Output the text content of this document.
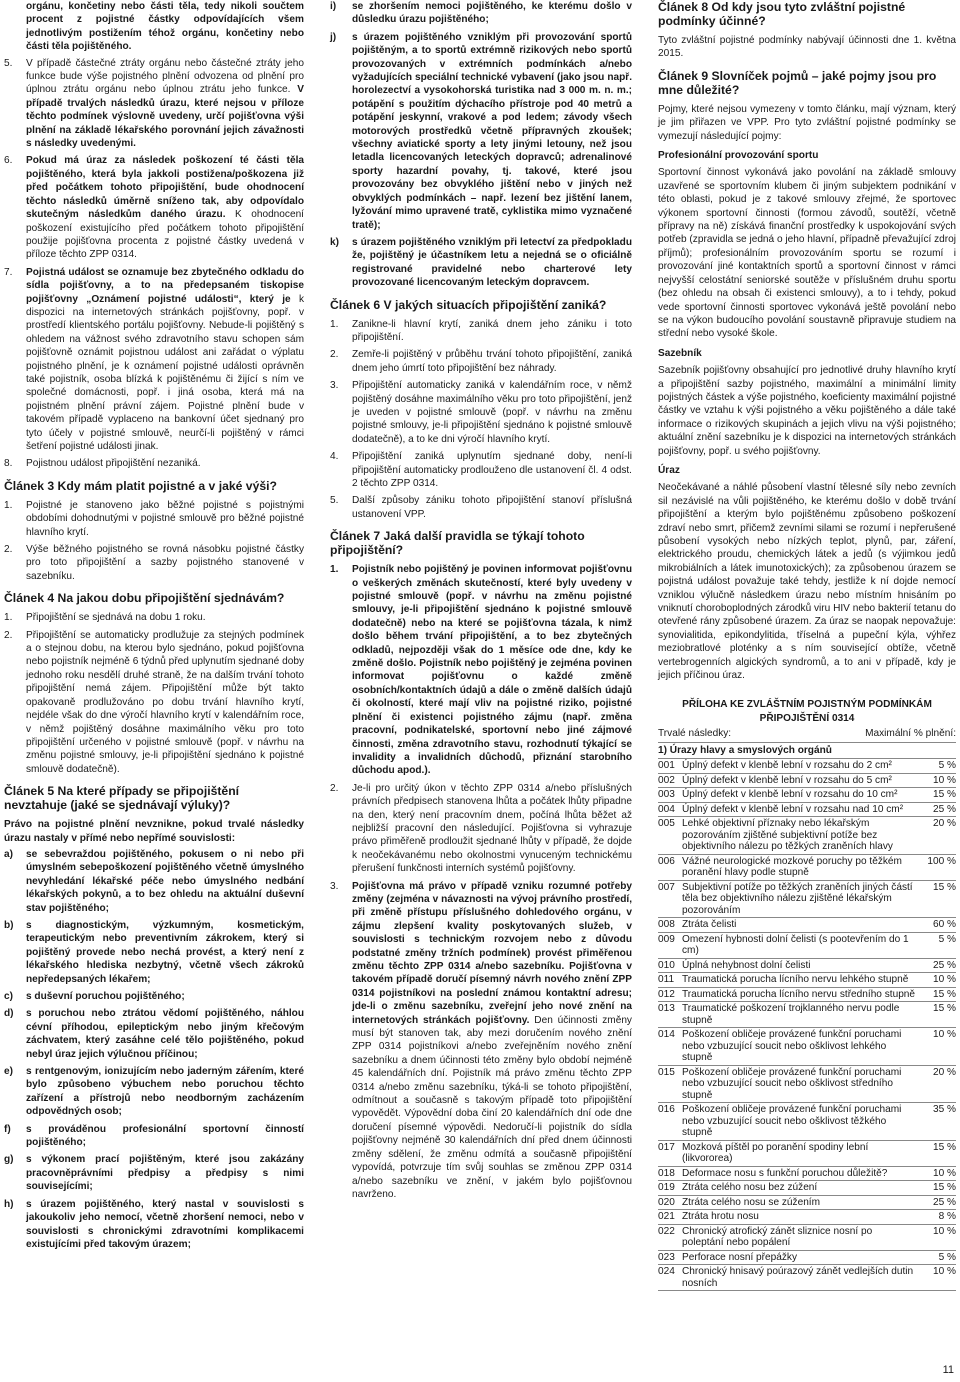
orgánu, končetiny nebo části těla, tedy nikoli součtem procent z pojistné částky odpovídajících všem jednotlivým postižením téhož orgánu, končetiny nebo části těla pojištěného.

5. V případě částečné ztráty orgánu nebo částečné ztráty jeho funkce bude výše pojistného plnění odvozena od plnění pro úplnou ztrátu orgánu nebo úplnou ztrátu jeho funkce. V případě trvalých následků úrazu, které nejsou v příloze těchto podmínek výslovně uvedeny, určí pojišťovna výši plnění na základě lékařského porovnání jejich závažnosti s následky uvedenými.
6. Pokud má úraz za následek poškození té části těla pojištěného, která byla jakkoli postižena/poškozena již před počátkem tohoto připojištění, bude ohodnocení těchto následků úměrně sníženo tak, aby odpovídalo skutečným následkům daného úrazu. K ohodnocení poškození existujícího před počátkem tohoto připojištění použije pojišťovna procenta z pojistné částky uvedená v příloze těchto ZPP 0314.
7. Pojistná událost se oznamuje bez zbytečného odkladu do sídla pojišťovny, a to na předepsaném tiskopise pojišťovny „Oznámení pojistné události“, který je k dispozici na internetových stránkách pojišťovny, popř. v prostředí klientského portálu pojišťovny. Nebude-li pojištěný s ohledem na vážnost svého zdravotního stavu schopen sám pojišťovně oznámit pojistnou událost ani zařádat o výplatu pojistného plnění, je k oznámení pojistné události oprávněn také pojistník, osoba blízká k pojištěnému či žijící s ním ve společné domácnosti, popř. i jiná osoba, která má na pojistném plnění právní zájem. Pojistné plnění bude v takovém případě vyplaceno na bankovní účet sjednaný pro tyto účely v pojistné smlouvě, neurčí-li pojištěný v rámci šetření pojistné události jinak.
8. Pojistnou událost připojištění nezaniká.
Článek 3 Kdy mám platit pojistné a v jaké výši?
1. Pojistné je stanoveno jako běžné pojistné s pojistnými obdobími dohodnutými v pojistné smlouvě pro běžné pojistné hlavního krytí.
2. Výše běžného pojistného se rovná násobku pojistné částky pro toto připojištění a sazby pojistného stanovené v sazebníku.
Článek 4 Na jakou dobu připojištění sjednávám?
1. Připojištění se sjednává na dobu 1 roku.
2. Připojištění se automaticky prodlužuje za stejných podmínek a o stejnou dobu, na kterou bylo sjednáno, pokud pojišťovna nebo pojistník nejméně 6 týdnů před uplynutím sjednané doby jednoho roku nesdělí druhé straně, že na dalším trvání tohoto připojištění nemá zájem. Připojištění může být takto opakovaně prodlužováno po dobu trvání hlavního krytí, nejdéle však do dne výročí hlavního krytí v kalendářním roce, v němž pojištěný dosáhne maximálního věku pro toto připojištění určeného v pojistné smlouvě (popř. v návrhu na změnu pojistné smlouvy, je-li připojištění sjednáno k pojistné smlouvě dodatečně).
Článek 5 Na které případy se připojištění nevztahuje (jaké se sjednávají výluky)?

Právo na pojistné plnění nevznikne, pokud trvalé následky úrazu nastaly v přímé nebo nepřímé souvislosti:

a) se sebevraždou pojištěného, pokusem o ni nebo při úmyslném sebepoškození pojištěného včetně úmyslného nevyhledání lékařské péče nebo úmyslného nedbání lékařských pokynů, a to bez ohledu na aktuální duševní stav pojištěného;
b) s diagnostickým, výzkumným, kosmetickým, terapeutickým nebo preventivním zákrokem, který si pojištěný provede nebo nechá provést, a který není z lékařského hlediska nezbytný, včetně všech zákroků nepředepsaných lékařem;
c) s duševní poruchou pojištěného;
d) s poruchou nebo ztrátou vědomí pojištěného, náhlou cévní příhodou, epileptickým nebo jiným křečovým záchvatem, který zasáhne celé tělo pojištěného, pokud nebyl úraz jejich výlučnou příčinou;
e) s rentgenovým, ionizujícím nebo jaderným zářením, které bylo způsobeno výbuchem nebo poruchou těchto zařízení a přístrojů nebo neodborným zacházením odpovědných osob;
f) s prováděnou profesionální sportovní činností pojištěného;
g) s výkonem prací pojištěným, které jsou zakázány pracovněprávními předpisy a předpisy s nimi souvisejícími;
h) s úrazem pojištěného, který nastal v souvislosti s jakoukoliv jeho nemocí, včetně zhoršení nemoci, nebo v souvislosti s chronickými zdravotními komplikacemi existujícími před takovým úrazem;
i) se zhoršením nemoci pojištěného, ke kterému došlo v důsledku úrazu pojištěného;
j) s úrazem pojištěného vzniklým při provozování sportů pojištěným, a to sportů extrémně rizikových nebo sportů provozovaných v extrémních podmínkách a/nebo vyžadujících speciální technické vybavení (jako jsou např. horolezectví a vysokohorská turistika nad 3 000 m. n. m.; potápění s použitím dýchacího přístroje pod 40 metrů a potápění jeskynní, vrakové a pod ledem; závody všech motorových prostředků včetně přípravných zkoušek; všechny aviatické sporty a lety jinými letouny, než jsou letadla licencovaných leteckých dopravců; adrenalinové sporty hazardní povahy, tj. takové, které jsou provozovány bez obvyklého jištění nebo v jiných než obvyklých podmínkách – např. lezení bez jištění lanem, lyžování mimo upravené tratě, cyklistika mimo vyznačené tratě);
k) s úrazem pojištěného vzniklým při letectví za předpokladu že, pojištěný je účastníkem letu a nejedná se o oficiálně registrované pravidelné nebo charterové lety provozované licencovaným leteckým dopravcem.
Článek 6 V jakých situacích připojištění zaniká?
1. Zanikne-li hlavní krytí, zaniká dnem jeho zániku i toto připojištění.
2. Zemře-li pojištěný v průběhu trvání tohoto připojištění, zaniká dnem jeho úmrtí toto připojištění bez náhrady.
3. Připojištění automaticky zaniká v kalendářním roce, v němž pojištěný dosáhne maximálního věku pro toto připojištění, jenž je uveden v pojistné smlouvě (popř. v návrhu na změnu pojistné smlouvy, je-li připojištění sjednáno k pojistné smlouvě dodatečně), a to ke dni výročí hlavního krytí.
4. Připojištění zaniká uplynutím sjednané doby, není-li připojištění automaticky prodlouženo dle ustanovení čl. 4 odst. 2 těchto ZPP 0314.
5. Další způsoby zániku tohoto připojištění stanoví příslušná ustanovení VPP.
Článek 7 Jaká další pravidla se týkají tohoto připojištění?
1. Pojistník nebo pojištěný je povinen informovat pojišťovnu o veškerých změnách skutečností, které byly uvedeny v pojistné smlouvě (popř. v návrhu na změnu pojistné smlouvy, je-li připojištění sjednáno k pojistné smlouvě dodatečně) nebo na které se pojišťovna tázala, k nimž došlo během trvání připojištění, a to bez zbytečných odkladů, nejpozději však do 1 měsíce ode dne, kdy ke změně došlo. Pojistník nebo pojištěný je zejména povinen informovat pojišťovnu o každé změně osobních/kontaktních údajů a dále o změně dalších údajů či okolností, které mají vliv na pojistné riziko, pojistné plnění či existenci pojistného zájmu (např. změna pracovní, podnikatelské, sportovní nebo jiné zájmové činnosti, změna zdravotního stavu, rozhodnutí týkající se invalidity a invalidních důchodů, přiznání starobního důchodu apod.).
2. Je-li pro určitý úkon v těchto ZPP 0314 a/nebo příslušných právních předpisech stanovena lhůta a počátek lhůty připadne na den, který není pracovním dnem, počíná lhůta běžet až nejbližší pracovní den následující. Pojišťovna si vyhrazuje právo přiměřeně prodloužit sjednané lhůty v případě, že dojde k neočekávanému nebo okolnostmi vynuceným technickému přerušení funkčnosti interních systémů pojišťovny.
3. Pojišťovna má právo v případě vzniku rozumné potřeby změny (zejména v návaznosti na vývoj právního prostředí, při změně přístupu příslušného dohledového orgánu, v zájmu zlepšení kvality poskytovaných služeb, v souvislosti s technickým rozvojem nebo z důvodu podstatné změny tržních podmínek) provést přiměřenou změnu těchto ZPP 0314 a/nebo sazebníku. Pojišťovna v takovém případě doručí písemný návrh nového znění ZPP 0314 pojistníkovi na poslední známou kontaktní adresu; jde-li o změnu sazebníku, zveřejní jeho nové znění na internetových stránkách pojišťovny. Den účinnosti změny musí být stanoven tak, aby mezi doručením nového znění ZPP 0314 pojistníkovi a/nebo zveřejněním nového znění sazebníku a dnem účinnosti této změny bylo období nejméně 45 kalendářních dní. Pojistník má právo změnu těchto ZPP 0314 a/nebo změnu sazebníku, týká-li se tohoto připojištění, odmítnout a současně s takovým případě toto připojištění vypovědět. Výpovědní doba činí 20 kalendářních dní ode dne doručení písemné výpovědi. Nedoručí-li pojistník do sídla pojišťovny nejméně 30 kalendářních dní před dnem účinnosti změny sdělení, že změnu odmítá a současně připojištění vypovídá, potvrzuje tím svůj souhlas se změnou ZPP 0314 a/nebo sazebníku ve znění, v jakém bylo pojišťovnou navrženo.
Článek 8 Od kdy jsou tyto zvláštní pojistné podmínky účinné?

Tyto zvláštní pojistné podmínky nabývají účinnosti dne 1. května 2015.

Článek 9 Slovníček pojmů – jaké pojmy jsou pro mne důležité?

Pojmy, které nejsou vymezeny v tomto článku, mají význam, který je jim přiřazen ve VPP. Pro tyto zvláštní pojistné podmínky se vymezují následující pojmy:

Profesionální provozování sportu

Sportovní činnost vykonává jako povolání na základě smlouvy uzavřené se sportovním klubem či jiným subjektem podnikání v této oblasti, pokud je z takové smlouvy zřejmé, že sportovec výkonem sportovní činnosti (formou závodů, soutěží, včetně přípravy na ně) získává finanční prostředky k uspokojování svých potřeb (zpravidla se jedná o jeho hlavní, případně převažující zdroj příjmů); profesionálním provozováním sportu se rozumí i provozování jiné kontaktních sportů a sportovní činnost v rámci nejvyšší celostátní seniorské soutěže v příslušném druhu sportu (bez ohledu na obsah či existenci smlouvy), a to i tehdy, pokud vede sportovní činnosti sportovec vykonává ještě povolání nebo se na výkon budoucího povolání soustavně připravuje studiem na střední nebo vysoké škole.

Sazebník

Sazebník pojišťovny obsahující pro jednotlivé druhy hlavního krytí a připojištění sazby pojistného, maximální a minimální limity pojistných částek a výše pojistného, koeficienty maximální pojistné částky ve vztahu k výši pojistného a věku pojištěného a dále také informace o rizikových skupinách a jejich vlivu na výši pojistného; aktuální znění sazebníku je k dispozici na internetových stránkách pojišťovny, popř. u svého pojišťovny.

Úraz

Neočekávané a náhlé působení vlastní tělesné síly nebo zevních sil nezávislé na vůli pojištěného, ke kterému došlo v době trvání připojištění a kterým bylo pojištěnému způsobeno poškození zdraví nebo smrt, přičemž zevními silami se rozumí i nepřerušené působení vysokých nebo nízkých teplot, plynů, par, záření, elektrického proudu, chemických látek a jedů (s výjimkou jedů mikrobiálních a látek imunotoxických); za způsobenou úrazem se pojistná událost považuje také tehdy, jestliže k ní dojde nemocí vzniklou výlučně následkem úrazu nebo místním hnisáním po vniknutí choroboplodných zárodků viru HIV nebo bakterií tetanu do otevřené rány způsobené úrazem. Za úraz se naopak nepovažuje: synovialitida, epikondylitida, tříselná a pupeční kýla, výhřez meziobratlové ploténky a s ním související obtíže, včetně vertebrogenních algických syndromů, a to ani v případě, kdy je jejich příčinou úraz.

PŘÍLOHA KE ZVLÁŠTNÍM POJISTNÝM PODMÍNKÁM PŘIPOJIŠTĚNÍ 0314
Trvalé následky:	Maximální % plnění:
1) Úrazy hlavy a smyslových orgánů
001 Úplný defekt v klenbě lební v rozsahu do 2 cm²	5 %
002 Úplný defekt v klenbě lební v rozsahu do 5 cm²	10 %
003 Úplný defekt v klenbě lební v rozsahu do 10 cm²	15 %
004 Úplný defekt v klenbě lební v rozsahu nad 10 cm²	25 %
005 Lehké objektivní příznaky nebo lékařským pozorováním zjištěné subjektivní potíže bez objektivního nálezu po těžkých zraněních hlavy
20 %
006 Vážné neurologické mozkové poruchy po těžkém poranění hlavy podle stupně
100 %
007 Subjektivní potíže po těžkých zraněních jiných částí těla bez objektivního nálezu zjištěné lékařským pozorováním
15 %
008 Ztráta čelisti	60 %
009 Omezení hybnosti dolní čelisti (s pootevřením do 1 cm)
5 %
010 Úplná nehybnost dolní čelisti	25 %
011 Traumatická porucha lícního nervu lehkého stupně	10 %
012 Traumatická porucha lícního nervu středního stupně	15 %
013 Traumatické poškození trojklanného nervu podle stupně
15 %
014 Poškození obličeje provázené funkční poruchami nebo vzbuzující soucit nebo ošklivost lehkého stupně
10 %
015 Poškození obličeje provázené funkční poruchami nebo vzbuzující soucit nebo ošklivost středního stupně
20 %
016 Poškození obličeje provázené funkční poruchami nebo vzbuzující soucit nebo ošklivost těžkého stupně
35 %
017 Mozková píštěl po poranění spodiny lební (likvororea)
15 %
018 Deformace nosu s funkční poruchou důležitě?	10 %
019 Ztráta celého nosu bez zúžení	15 %
020 Ztráta celého nosu se zúžením	25 %
021 Ztráta hrotu nosu	8 %
022 Chronický atrofický zánět sliznice nosní po poleptání nebo popálení
10 %
023 Perforace nosní přepážky	5 %
024 Chronický hnisavý poúrazový zánět vedlejších dutin nosních
10 %
11
